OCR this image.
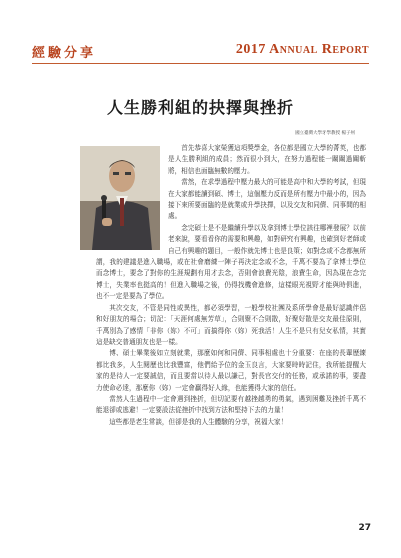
經驗分享	2017 Annual Report
人生勝利組的抉擇與挫折
國立臺灣大學牙學教授 楊子州

首先恭喜大家榮獲這項獎學金，各位都是國立大學的菁英，也都是人生勝利組的成員；然而很小到大，在努力過程能一關關過關斬將，相信也面臨無數的壓力。

當然，在求學過程中壓力最大的可能是高中和大學的考試，但現在大家都能讀到碩、博士，這個壓力反而是所有壓力中最小的，因為接下來所要面臨的是就業或升學抉擇，以及交友和同儕、同事間的相處。

念完碩士是不是繼續升學以及拿到博士學位該往哪裡發展？以前老來說，要看看你的需要和興趣，如對研究有興趣，也確到好老師或自己有興趣的題目，一般作就先博士也是良策；如對念或不念都無所謂，我的建議是進入職場，或在社會磨練一陣子再決定念或不念，千萬不要為了拿博士學位而念博士，要念了對你的生涯規劃有用才去念，否則會浪費光陰，浪費生命，因為現在念完博士，失業率也挺高的！但進入職場之後，仍得找機會進修，這樣眼光視野才能與時俱進，也不一定是要為了學位。

其次交友，不管是同性或異性，都必須學習，一般學校社團及系所學會是最好認識伴侶和好朋友的場合；切記：「天涯何處無芳草」，合則聚不合則散，好聚好散是交友最佳原則，千萬別為了感情「非你（妳）不可」而搞得你（妳）死我活！人生不是只有兒女私情，其實這是缺交普通朋友也是一樣。

博、碩士畢業後如立刻就業，那麼如何和同儕、同事相處也十分重要：在座的長輩歷練都比我多，人生閱歷也比我豐富，他們給予位的金玉良言，大家要時時記住，我所能提醒大家的是待人一定要誠信，而且要當以待人最以謙己，對長官交付的任務，或承諾的事，要盡力使命必達，那麼你（妳）一定會贏得好人緣，也能獲得大家的信任。

當然人生過程中一定會遇到挫折，但切記要有越挫越勇的勇氣，遇到困難及挫折千萬不能退卻或逃避！一定要設法從挫折中找到方法和堅持下去的力量！

這些都是老生常談，但卻是我的人生體驗的分享，祝福大家！

27
